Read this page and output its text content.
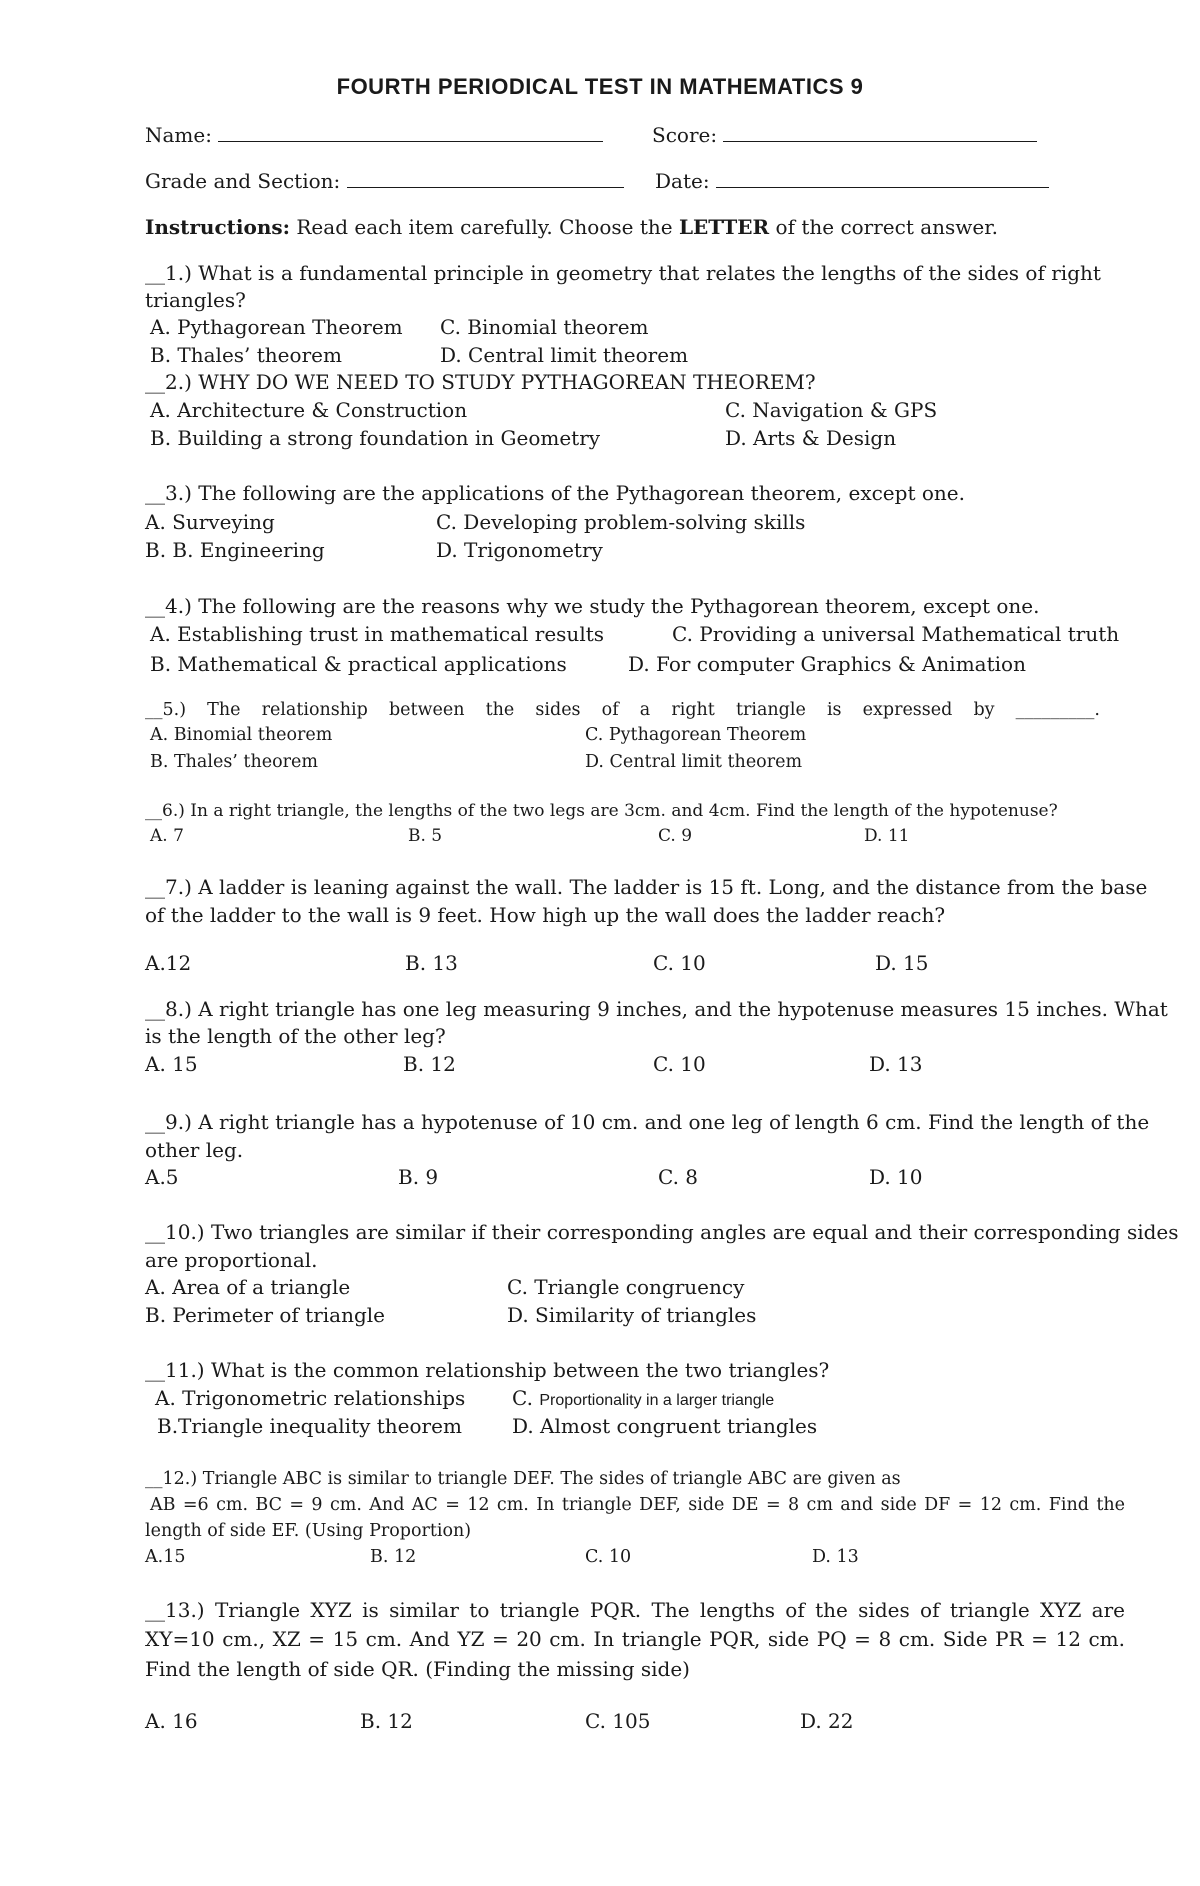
FOURTH PERIODICAL TEST IN MATHEMATICS 9
Name:	Score:
Grade and Section:	Date:
Instructions: Read each item carefully. Choose the LETTER of the correct answer.
__1.) What is a fundamental principle in geometry that relates the lengths of the sides of right
triangles?
A. Pythagorean Theorem C. Binomial theorem
B. Thales’ theorem	D. Central limit theorem
__2.) WHY DO WE NEED TO STUDY PYTHAGOREAN THEOREM?
A. Architecture & Construction	C. Navigation & GPS
B. Building a strong foundation in Geometry	D. Arts & Design
__3.) The following are the applications of the Pythagorean theorem, except one.
A. Surveying	C. Developing problem-solving skills
B. B. Engineering	D. Trigonometry
__4.) The following are the reasons why we study the Pythagorean theorem, except one.
A. Establishing trust in mathematical results	C. Providing a universal Mathematical truth
B. Mathematical & practical applications	D. For computer Graphics & Animation
__5.) The relationship between the sides of a right triangle is expressed by _________.
A. Binomial theorem	C. Pythagorean Theorem
B. Thales’ theorem	D. Central limit theorem
__6.) In a right triangle, the lengths of the two legs are 3cm. and 4cm. Find the length of the hypotenuse?
A. 7	B. 5	C. 9	D. 11
__7.) A ladder is leaning against the wall. The ladder is 15 ft. Long, and the distance from the base
of the ladder to the wall is 9 feet. How high up the wall does the ladder reach?
A.12	B. 13	C. 10	D. 15
__8.) A right triangle has one leg measuring 9 inches, and the hypotenuse measures 15 inches. What
is the length of the other leg?
A. 15	B. 12	C. 10	D. 13
__9.) A right triangle has a hypotenuse of 10 cm. and one leg of length 6 cm. Find the length of the
other leg.
A.5	B. 9	C. 8	D. 10
__10.) Two triangles are similar if their corresponding angles are equal and their corresponding sides
are proportional.
A. Area of a triangle	C. Triangle congruency
B. Perimeter of triangle	D. Similarity of triangles
__11.) What is the common relationship between the two triangles?
A. Trigonometric relationships C. Proportionality in a larger triangle
B.Triangle inequality theorem	D. Almost congruent triangles
__12.) Triangle ABC is similar to triangle DEF. The sides of triangle ABC are given as
AB =6 cm. BC = 9 cm. And AC = 12 cm. In triangle DEF, side DE = 8 cm and side DF = 12 cm. Find the
length of side EF. (Using Proportion)
A.15	B. 12	C. 10	D. 13
__13.) Triangle XYZ is similar to triangle PQR. The lengths of the sides of triangle XYZ are
XY=10 cm., XZ = 15 cm. And YZ = 20 cm. In triangle PQR, side PQ = 8 cm. Side PR = 12 cm.
Find the length of side QR. (Finding the missing side)
A. 16	B. 12	C. 105	D. 22
